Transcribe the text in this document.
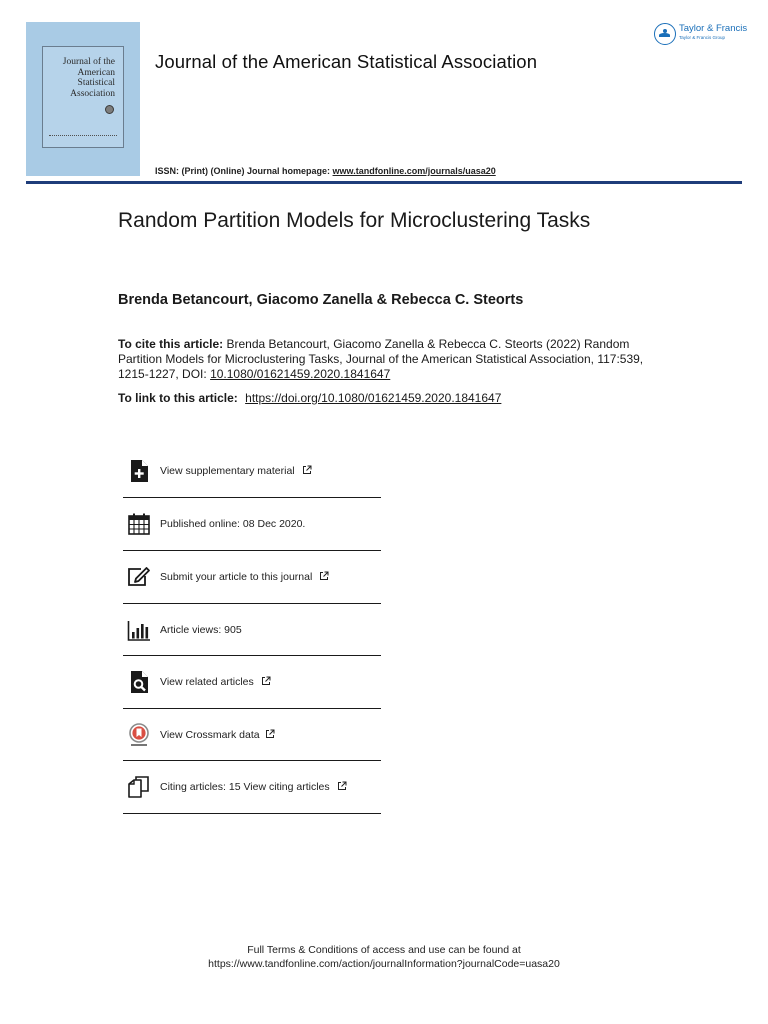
Journal of the
American
Statistical
Association
Journal of the American Statistical Association
Taylor & Francis
Taylor & Francis Group
ISSN: (Print) (Online) Journal homepage: www.tandfonline.com/journals/uasa20
Random Partition Models for Microclustering Tasks
Brenda Betancourt, Giacomo Zanella & Rebecca C. Steorts
To cite this article: Brenda Betancourt, Giacomo Zanella & Rebecca C. Steorts (2022) Random Partition Models for Microclustering Tasks, Journal of the American Statistical Association, 117:539, 1215-1227, DOI: 10.1080/01621459.2020.1841647
To link to this article: https://doi.org/10.1080/01621459.2020.1841647
View supplementary material
Published online: 08 Dec 2020.
Submit your article to this journal
Article views: 905
View related articles
View Crossmark data
Citing articles: 15 View citing articles
Full Terms & Conditions of access and use can be found at
https://www.tandfonline.com/action/journalInformation?journalCode=uasa20
